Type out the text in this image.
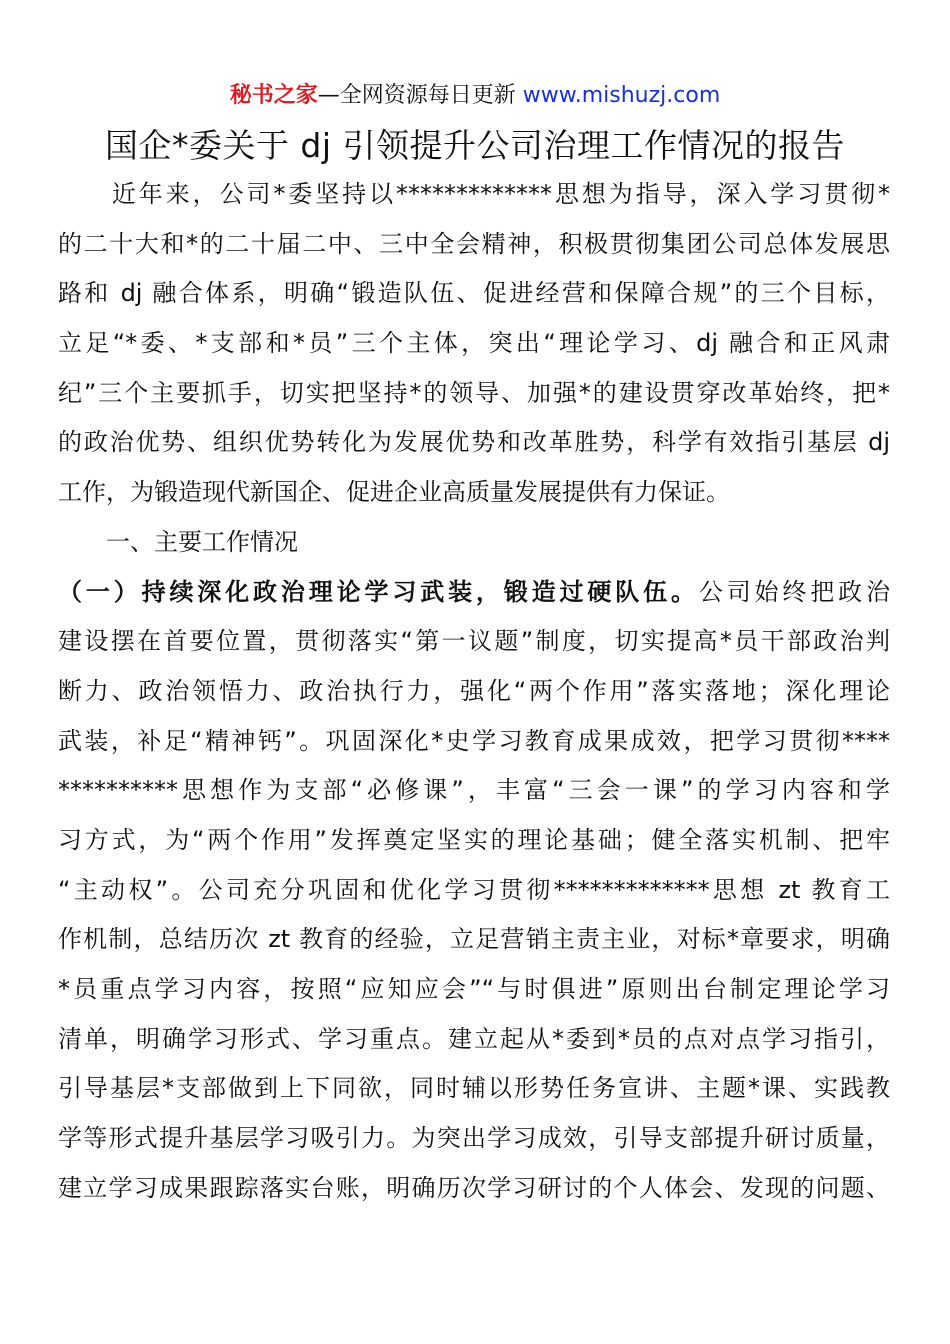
秘书之家—全网资源每日更新 www.mishuzj.com
国企*委关于 dj 引领提升公司治理工作情况的报告
　　近年来，公司*委坚持以*************思想为指导，深入学习贯彻*
的二十大和*的二十届二中、三中全会精神，积极贯彻集团公司总体发展思
路和 dj 融合体系，明确“锻造队伍、促进经营和保障合规”的三个目标，
立足“*委、*支部和*员”三个主体，突出“理论学习、dj 融合和正风肃
纪”三个主要抓手，切实把坚持*的领导、加强*的建设贯穿改革始终，把*
的政治优势、组织优势转化为发展优势和改革胜势，科学有效指引基层 dj
工作，为锻造现代新国企、促进企业高质量发展提供有力保证。
　　一、主要工作情况
（一）持续深化政治理论学习武装，锻造过硬队伍。公司始终把政治
建设摆在首要位置，贯彻落实“第一议题”制度，切实提高*员干部政治判
断力、政治领悟力、政治执行力，强化“两个作用”落实落地；深化理论
武装，补足“精神钙”。巩固深化*史学习教育成果成效，把学习贯彻****
**********思想作为支部“必修课”，丰富“三会一课”的学习内容和学
习方式，为“两个作用”发挥奠定坚实的理论基础；健全落实机制、把牢
“主动权”。公司充分巩固和优化学习贯彻*************思想 zt 教育工
作机制，总结历次 zt 教育的经验，立足营销主责主业，对标*章要求，明确
*员重点学习内容，按照“应知应会”“与时俱进”原则出台制定理论学习
清单，明确学习形式、学习重点。建立起从*委到*员的点对点学习指引，
引导基层*支部做到上下同欲，同时辅以形势任务宣讲、主题*课、实践教
学等形式提升基层学习吸引力。为突出学习成效，引导支部提升研讨质量，
建立学习成果跟踪落实台账，明确历次学习研讨的个人体会、发现的问题、
